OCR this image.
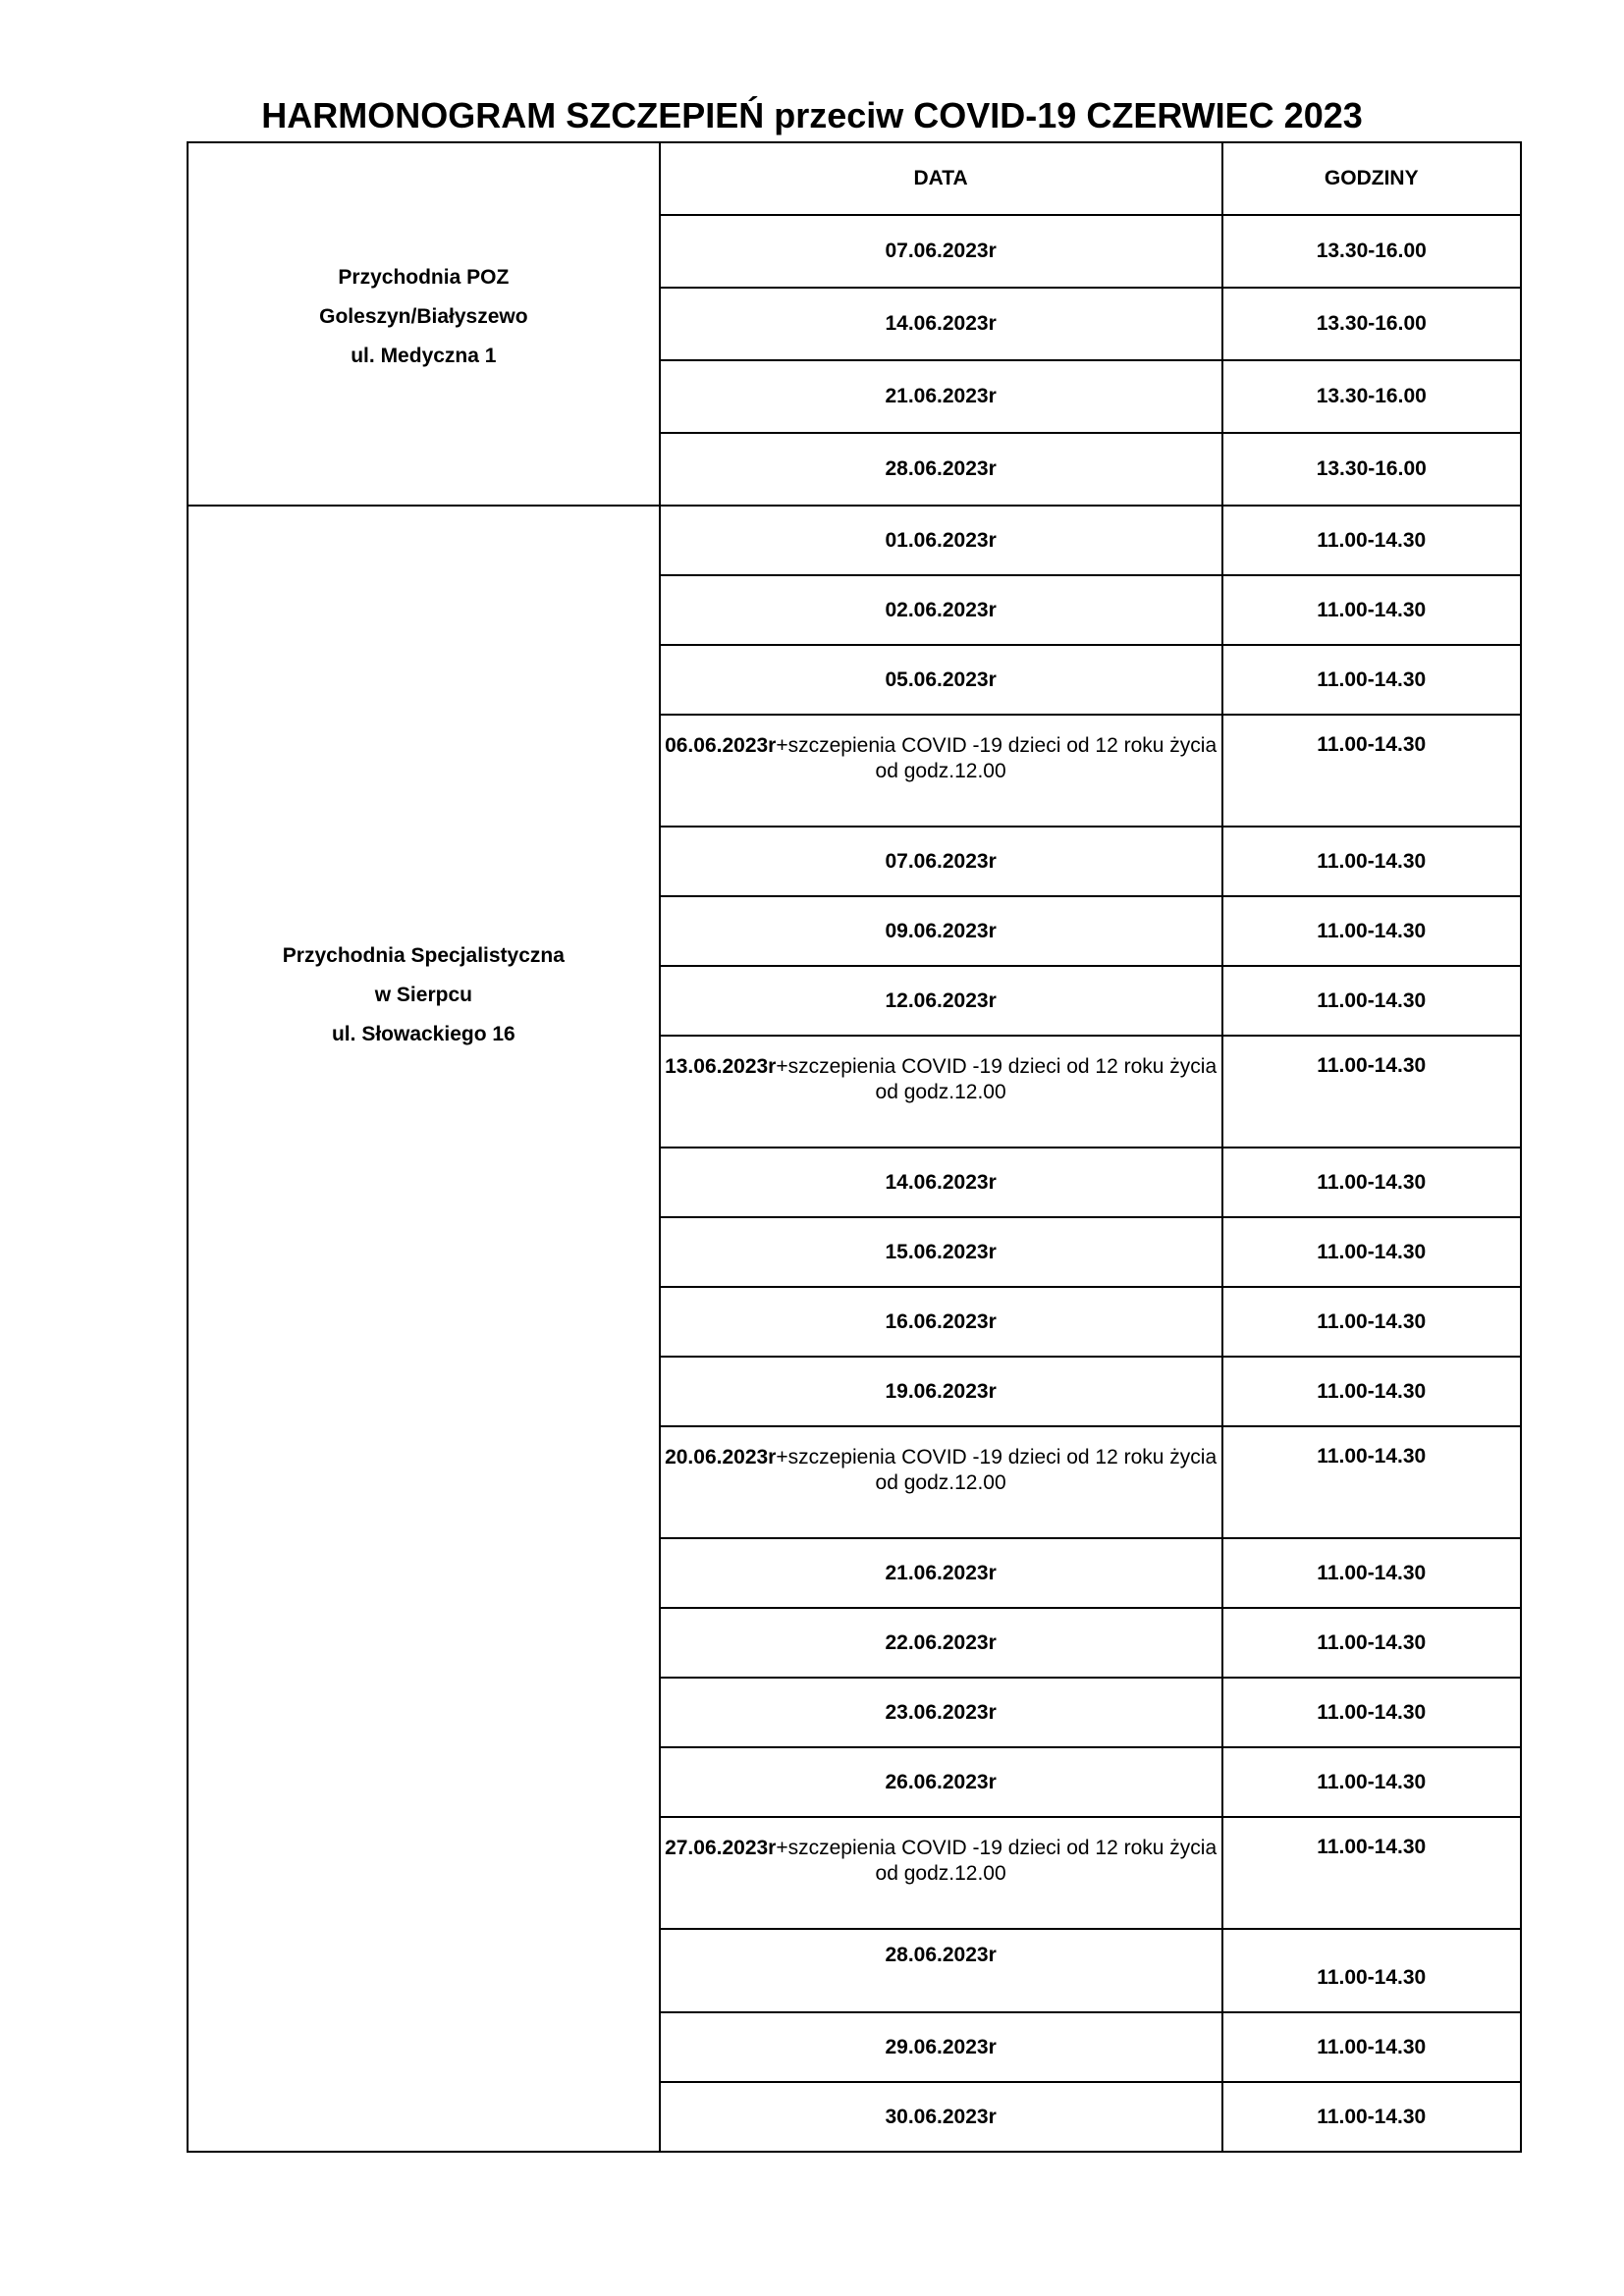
HARMONOGRAM SZCZEPIEŃ przeciw COVID-19 CZERWIEC 2023
Przychodnia POZ
Goleszyn/Białyszewo
ul. Medyczna 1	DATA	GODZINY
	07.06.2023r	13.30-16.00
	14.06.2023r	13.30-16.00
	21.06.2023r	13.30-16.00
	28.06.2023r	13.30-16.00

Przychodnia Specjalistyczna
w Sierpcu
ul. Słowackiego 16	01.06.2023r	11.00-14.30
	02.06.2023r	11.00-14.30
	05.06.2023r	11.00-14.30
	06.06.2023r+szczepienia COVID -19 dzieci od 12 roku życia od godz.12.00	11.00-14.30
	07.06.2023r	11.00-14.30
	09.06.2023r	11.00-14.30
	12.06.2023r	11.00-14.30
	13.06.2023r+szczepienia COVID -19 dzieci od 12 roku życia od godz.12.00	11.00-14.30
	14.06.2023r	11.00-14.30
	15.06.2023r	11.00-14.30
	16.06.2023r	11.00-14.30
	19.06.2023r	11.00-14.30
	20.06.2023r+szczepienia COVID -19 dzieci od 12 roku życia od godz.12.00	11.00-14.30
	21.06.2023r	11.00-14.30
	22.06.2023r	11.00-14.30
	23.06.2023r	11.00-14.30
	26.06.2023r	11.00-14.30
	27.06.2023r+szczepienia COVID -19 dzieci od 12 roku życia od godz.12.00	11.00-14.30
	28.06.2023r	11.00-14.30
	29.06.2023r	11.00-14.30
	30.06.2023r	11.00-14.30
